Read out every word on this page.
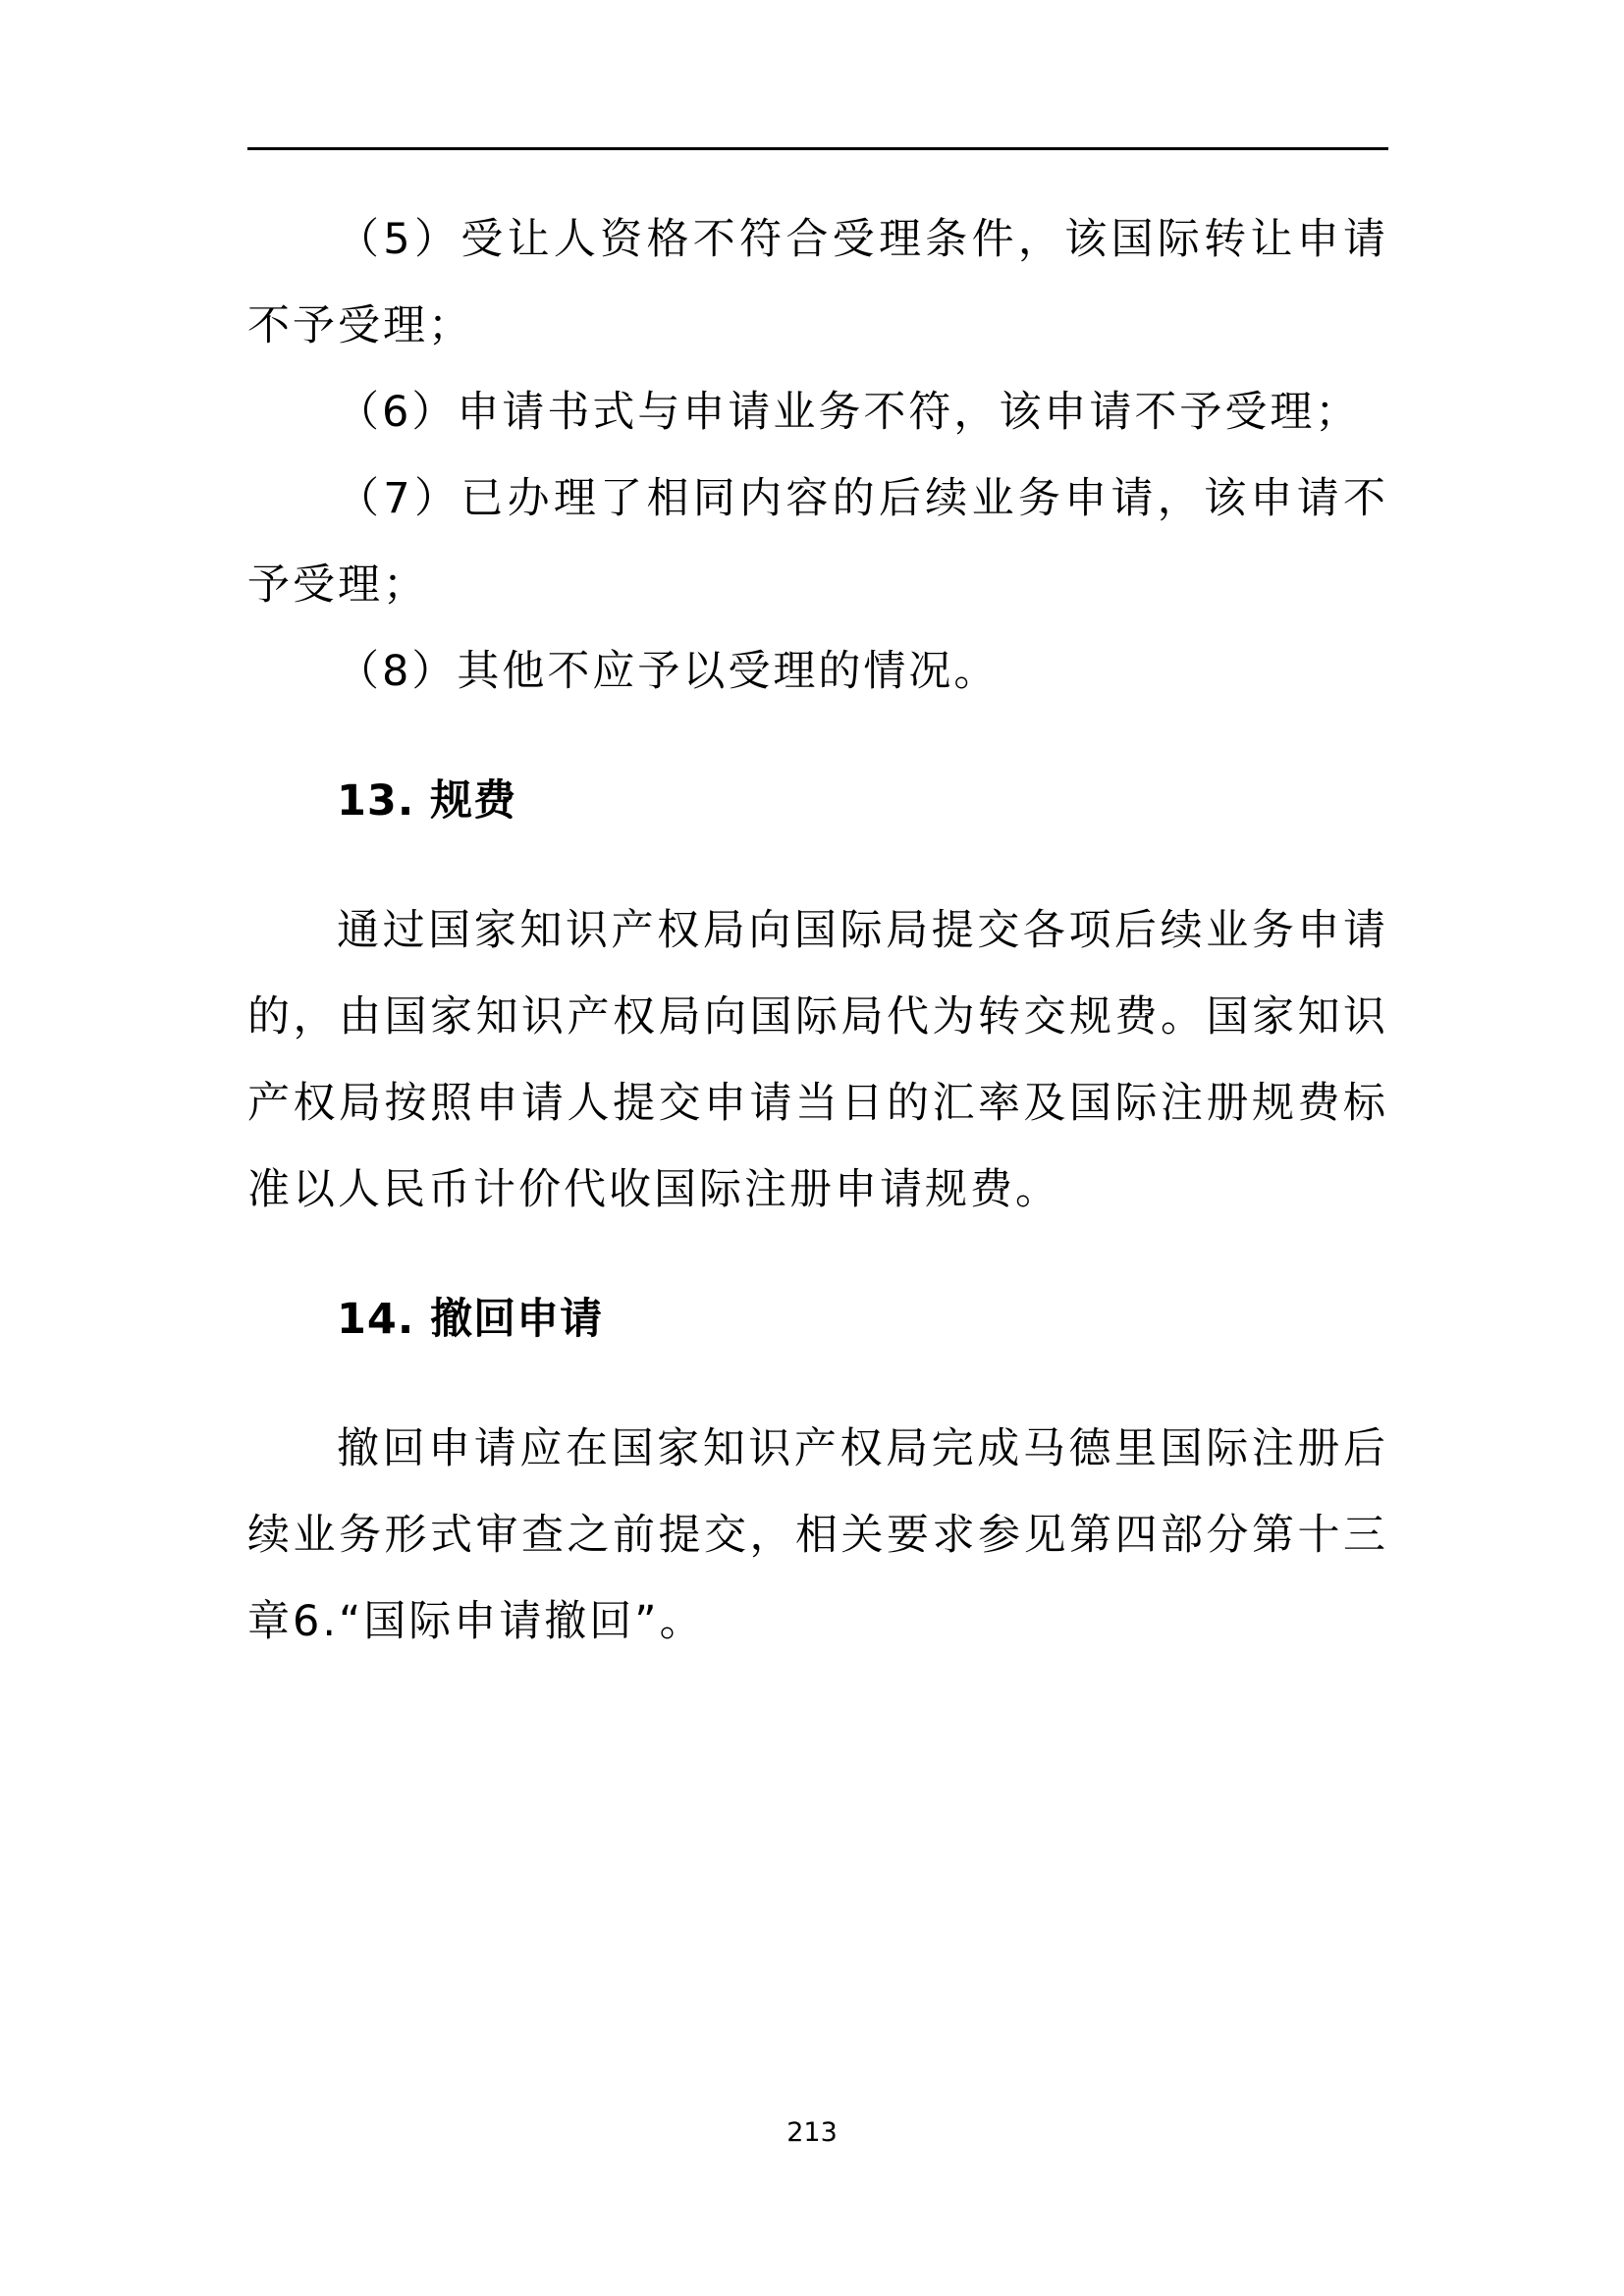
（5）受让人资格不符合受理条件，该国际转让申请不予受理；

（6）申请书式与申请业务不符，该申请不予受理；

（7）已办理了相同内容的后续业务申请，该申请不予受理；

（8）其他不应予以受理的情况。

13. 规费

通过国家知识产权局向国际局提交各项后续业务申请的，由国家知识产权局向国际局代为转交规费。国家知识产权局按照申请人提交申请当日的汇率及国际注册规费标准以人民币计价代收国际注册申请规费。

14. 撤回申请

撤回申请应在国家知识产权局完成马德里国际注册后续业务形式审查之前提交，相关要求参见第四部分第十三章6.“国际申请撤回”。

213
